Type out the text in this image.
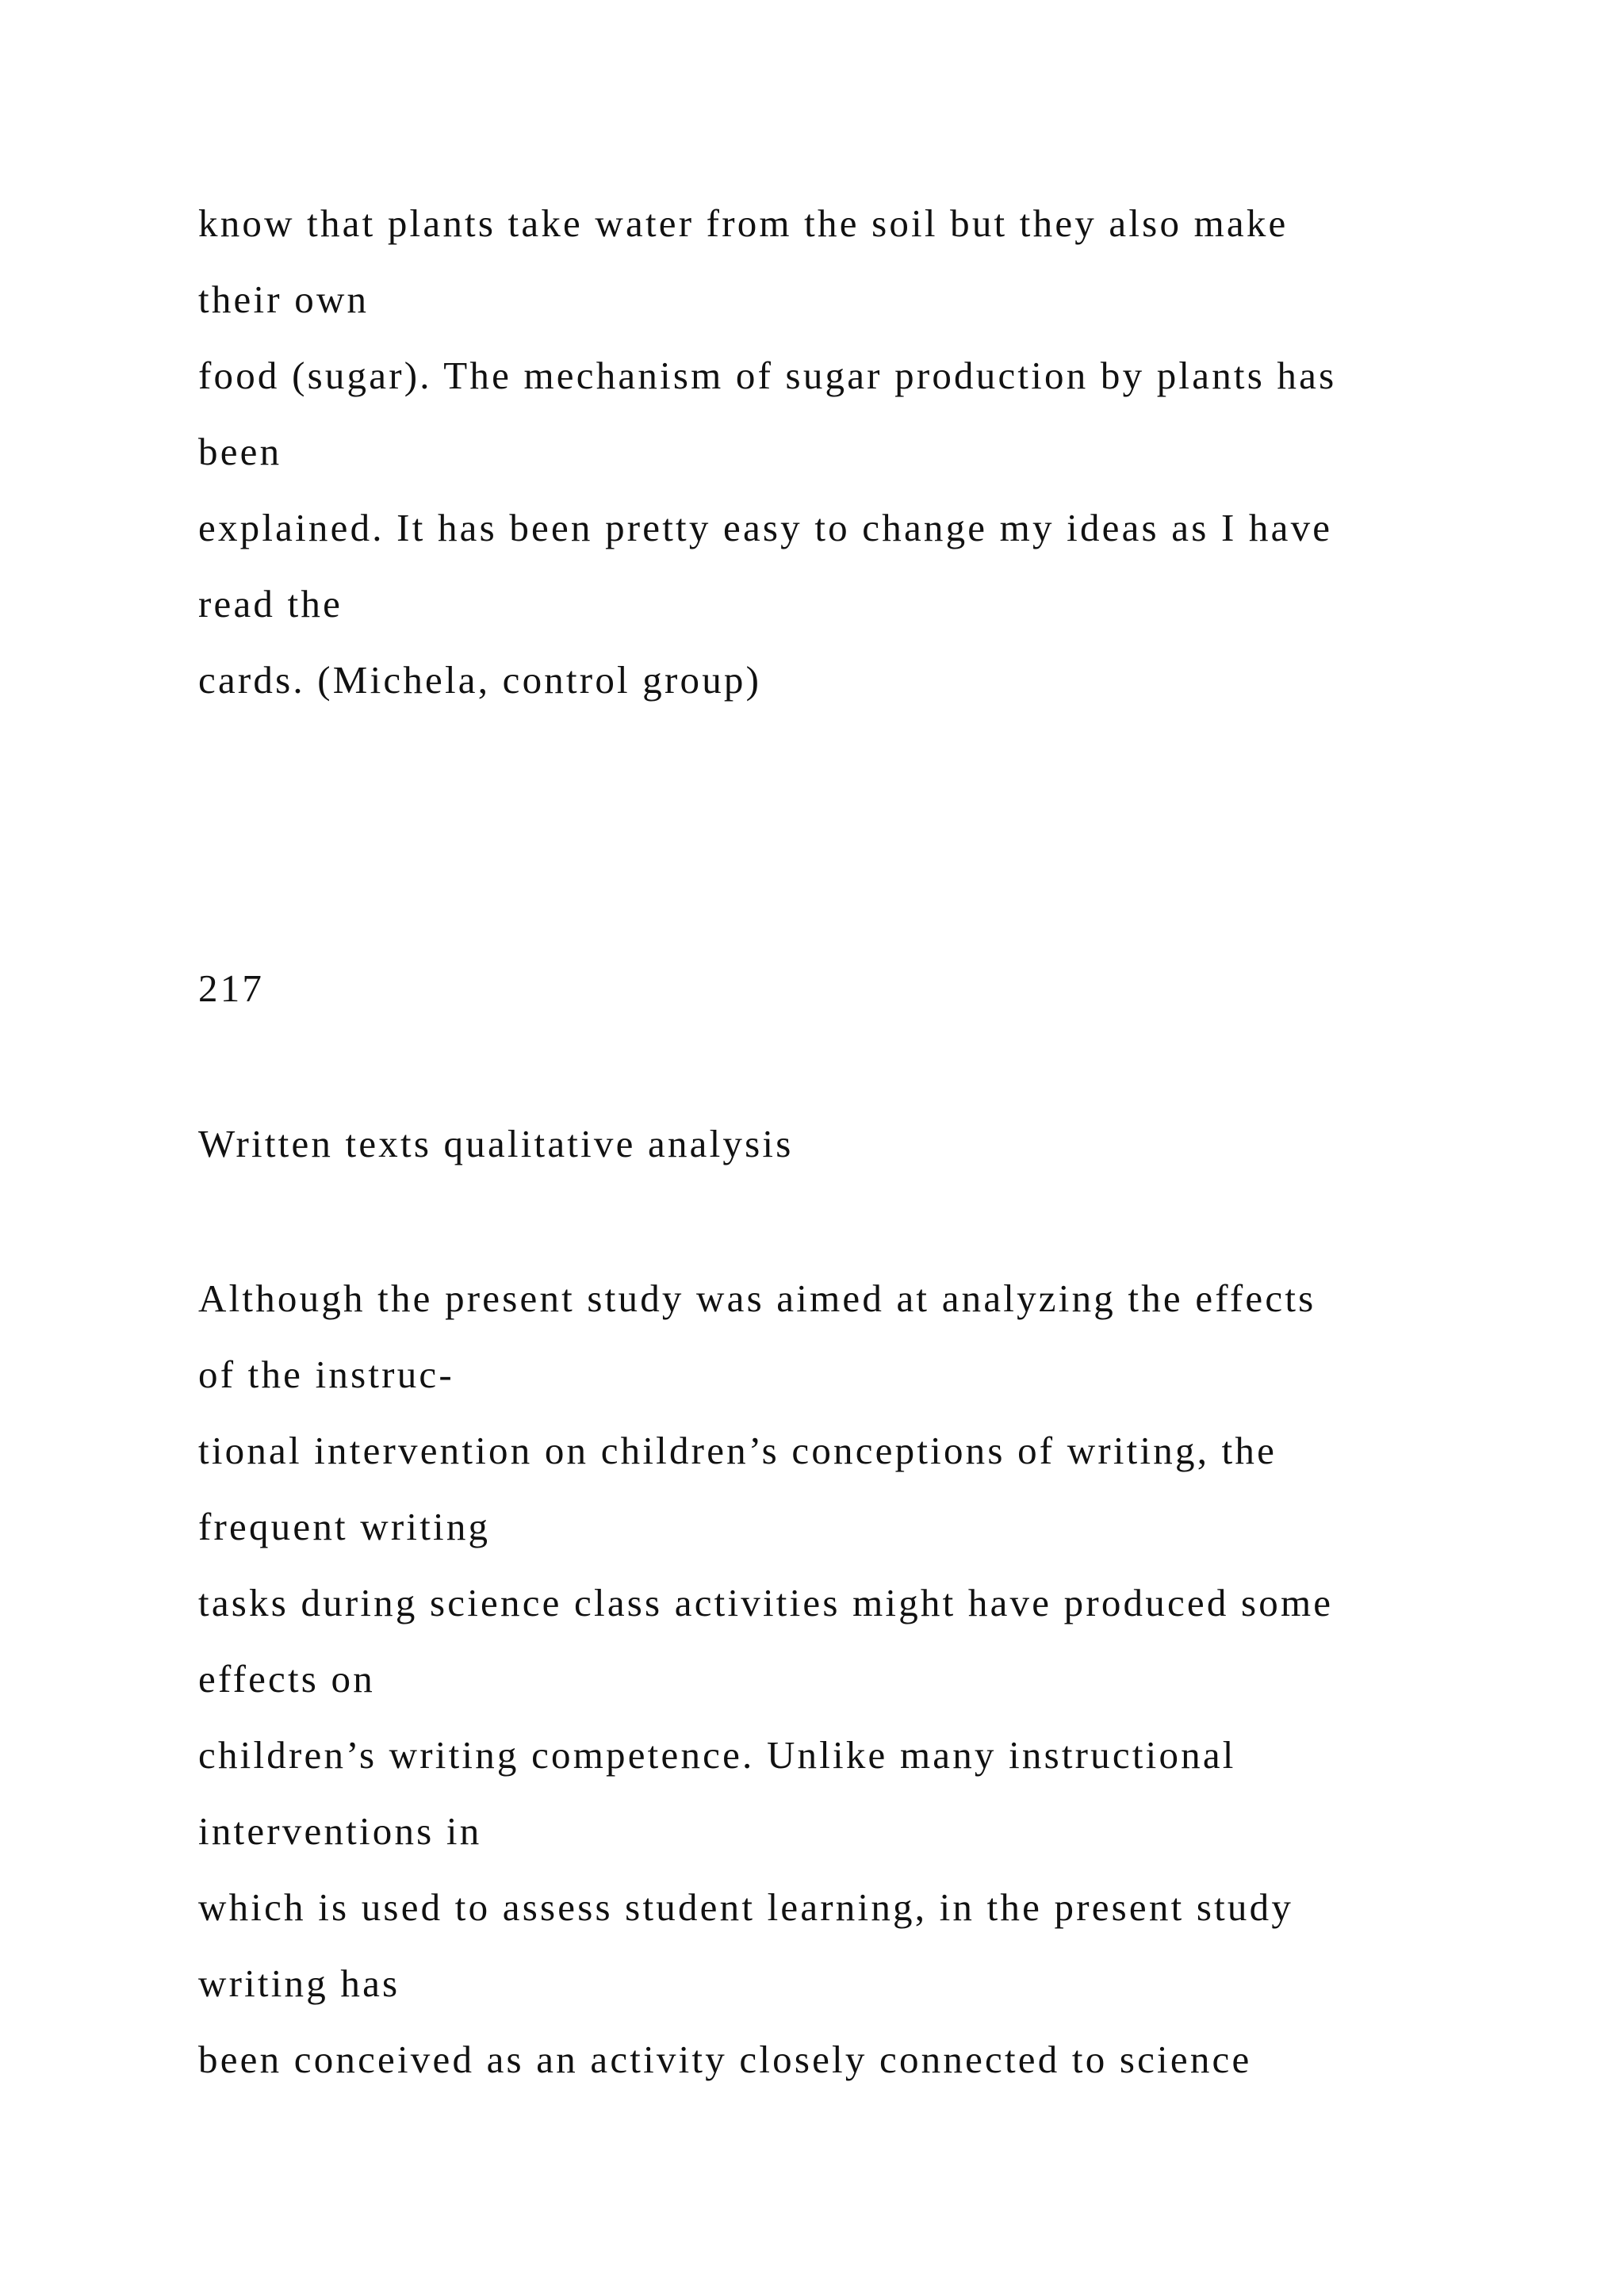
know that plants take water from the soil but they also make

their own

food (sugar). The mechanism of sugar production by plants has

been

explained. It has been pretty easy to change my ideas as I have

read the

cards. (Michela, control group)

217

Written texts qualitative analysis

Although the present study was aimed at analyzing the effects

of the instruc-

tional intervention on children’s conceptions of writing, the

frequent writing

tasks during science class activities might have produced some

effects on

children’s writing competence. Unlike many instructional

interventions in

which is used to assess student learning, in the present study

writing has

been conceived as an activity closely connected to science
